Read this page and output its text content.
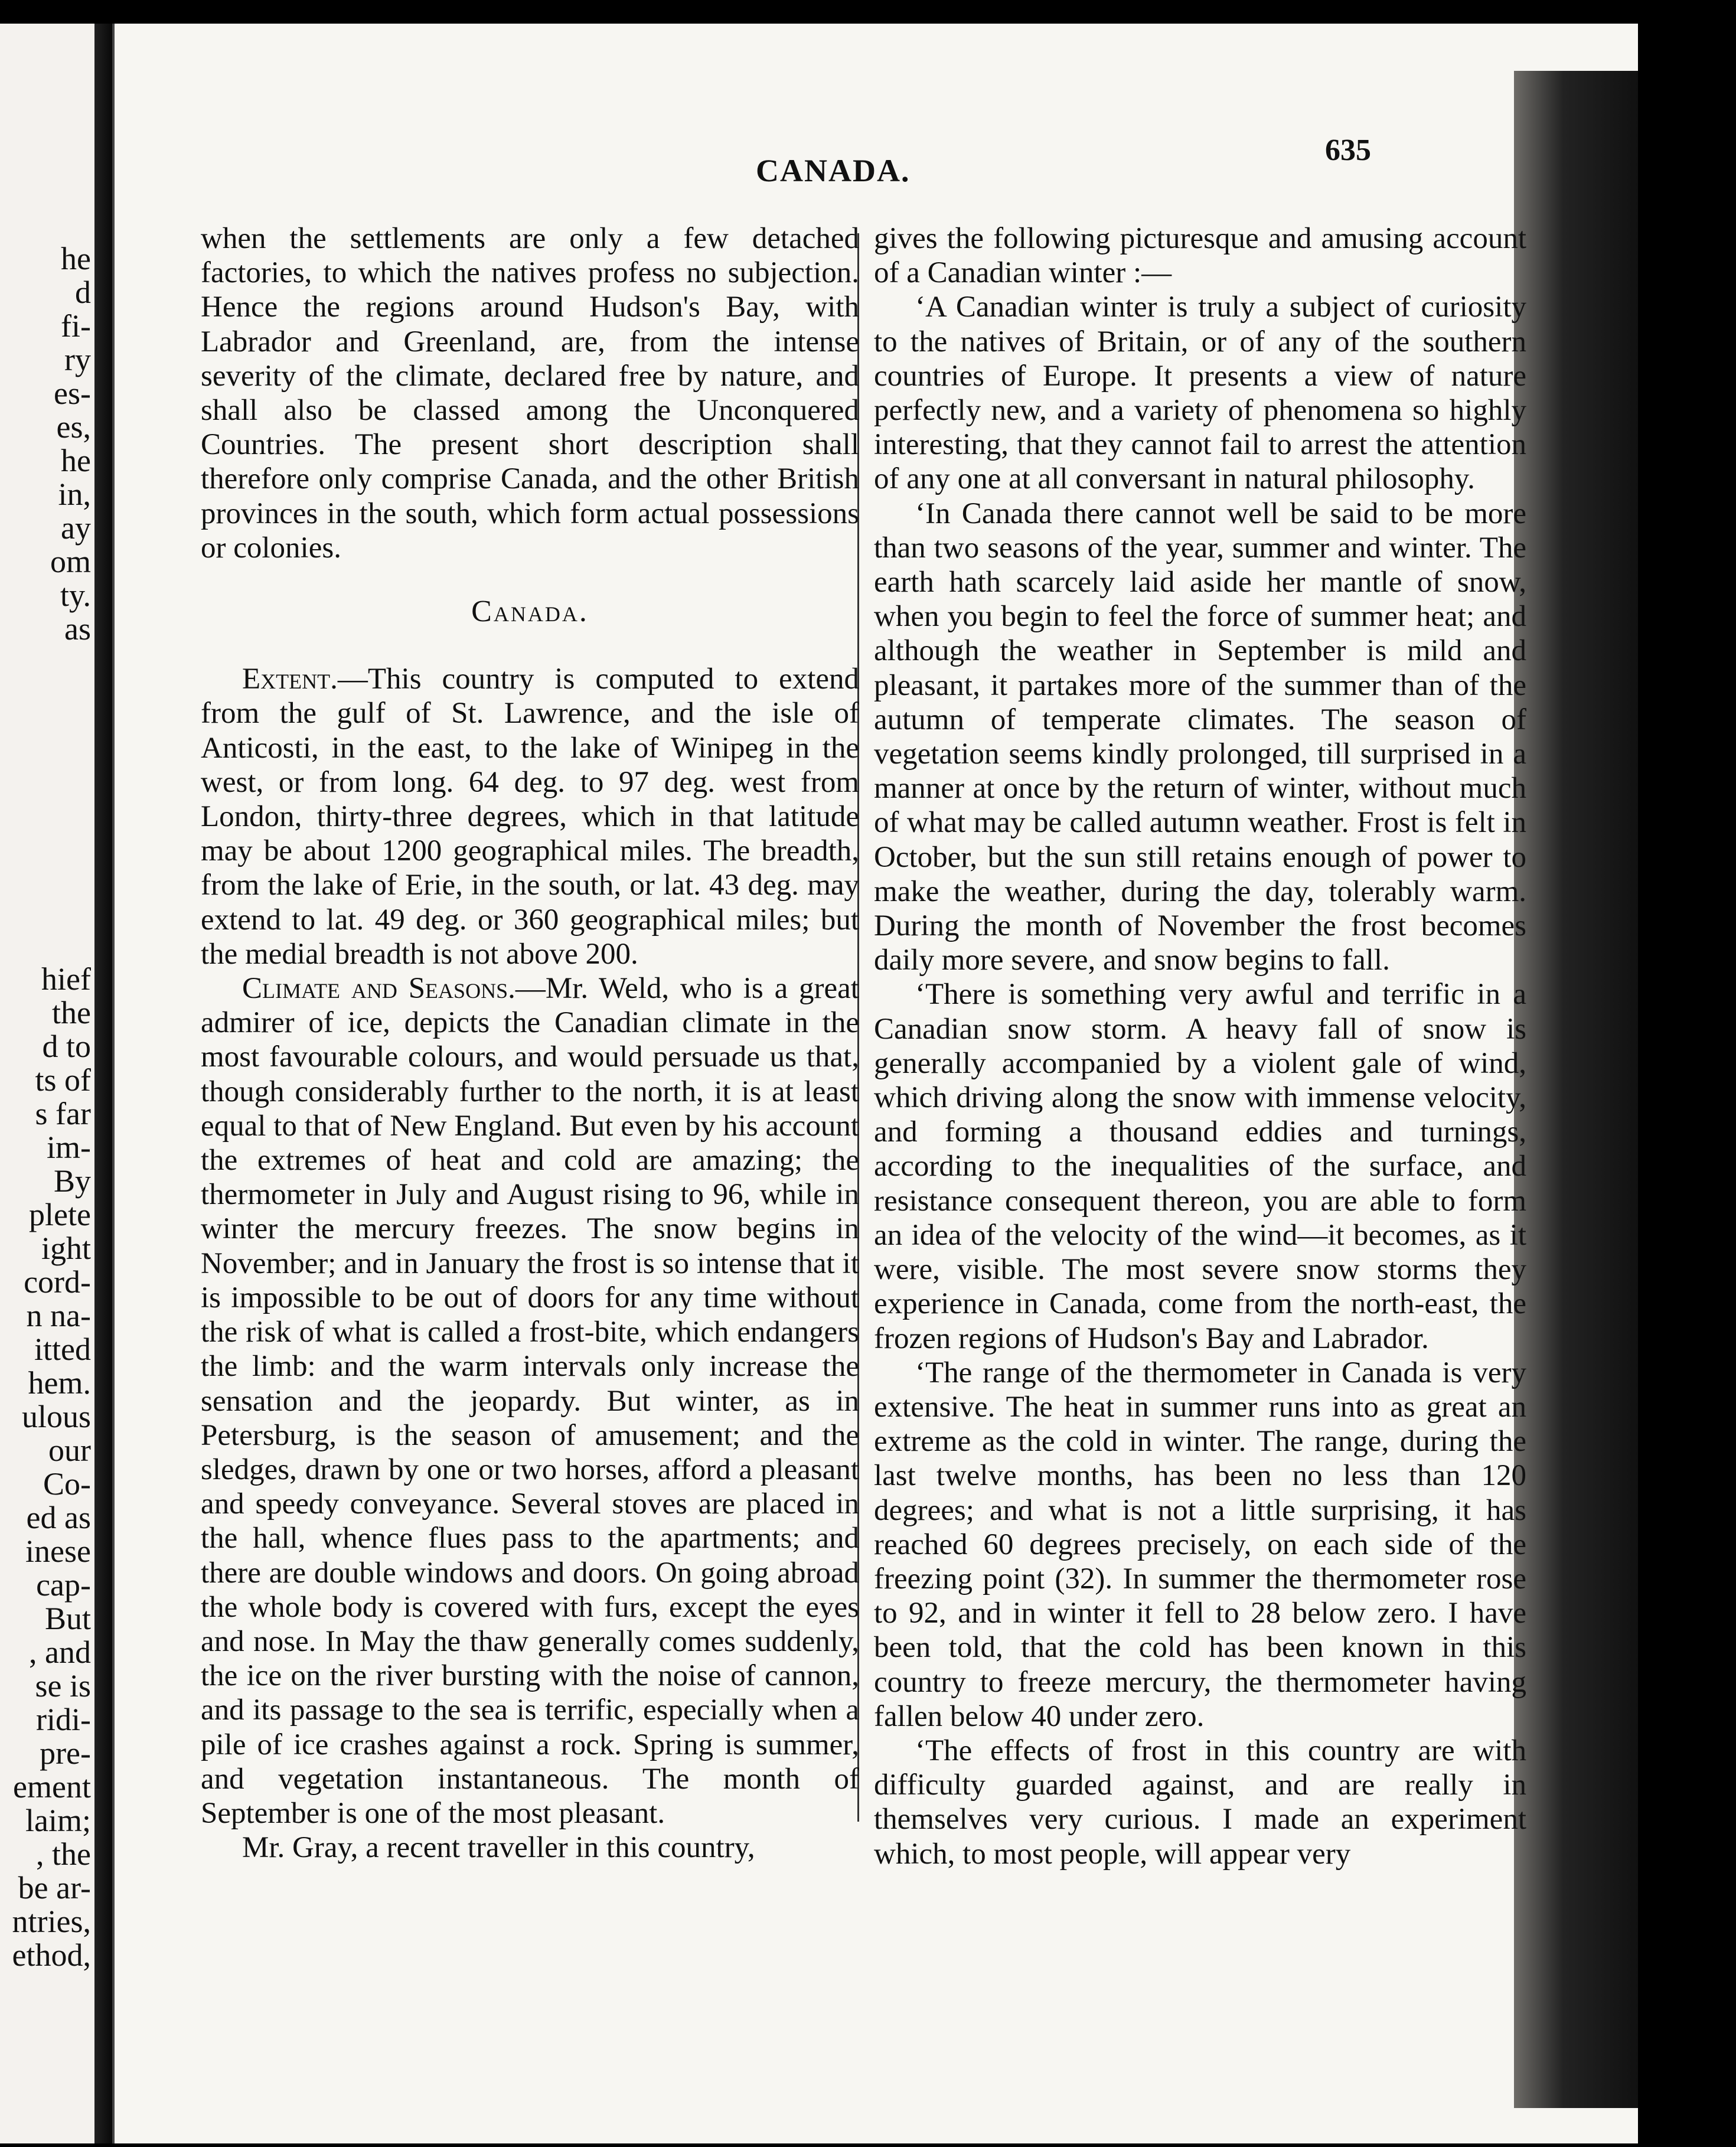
he
d
fi-
ry
es-
es,
he
in,
ay
om
ty.
as
hief
the
d to
ts of
s far
im-
By
plete
ight
cord-
n na-
itted
hem.
ulous
our
Co-
ed as
inese
cap-
But
, and
se is
ridi-
pre-
ement
laim;
, the
be ar-
ntries,
ethod,
CANADA.
635

when the settlements are only a few detached factories, to which the natives profess no subjection. Hence the regions around Hudson's Bay, with Labrador and Greenland, are, from the intense severity of the climate, declared free by nature, and shall also be classed among the Unconquered Countries. The present short description shall therefore only comprise Canada, and the other British provinces in the south, which form actual possessions or colonies.

Canada.

Extent.—This country is computed to extend from the gulf of St. Lawrence, and the isle of Anticosti, in the east, to the lake of Winipeg in the west, or from long. 64 deg. to 97 deg. west from London, thirty-three degrees, which in that latitude may be about 1200 geographical miles. The breadth, from the lake of Erie, in the south, or lat. 43 deg. may extend to lat. 49 deg. or 360 geographical miles; but the medial breadth is not above 200.

Climate and Seasons.—Mr. Weld, who is a great admirer of ice, depicts the Canadian climate in the most favourable colours, and would persuade us that, though considerably further to the north, it is at least equal to that of New England. But even by his account the extremes of heat and cold are amazing; the thermometer in July and August rising to 96, while in winter the mercury freezes. The snow begins in November; and in January the frost is so intense that it is impossible to be out of doors for any time without the risk of what is called a frost-bite, which endangers the limb: and the warm intervals only increase the sensation and the jeopardy. But winter, as in Petersburg, is the season of amusement; and the sledges, drawn by one or two horses, afford a pleasant and speedy conveyance. Several stoves are placed in the hall, whence flues pass to the apartments; and there are double windows and doors. On going abroad the whole body is covered with furs, except the eyes and nose. In May the thaw generally comes suddenly, the ice on the river bursting with the noise of cannon, and its passage to the sea is terrific, especially when a pile of ice crashes against a rock. Spring is summer, and vegetation instantaneous. The month of September is one of the most pleasant.

Mr. Gray, a recent traveller in this country,

gives the following picturesque and amusing account of a Canadian winter :—

‘A Canadian winter is truly a subject of curiosity to the natives of Britain, or of any of the southern countries of Europe. It presents a view of nature perfectly new, and a variety of phenomena so highly interesting, that they cannot fail to arrest the attention of any one at all conversant in natural philosophy.

‘In Canada there cannot well be said to be more than two seasons of the year, summer and winter. The earth hath scarcely laid aside her mantle of snow, when you begin to feel the force of summer heat; and although the weather in September is mild and pleasant, it partakes more of the summer than of the autumn of temperate climates. The season of vegetation seems kindly prolonged, till surprised in a manner at once by the return of winter, without much of what may be called autumn weather. Frost is felt in October, but the sun still retains enough of power to make the weather, during the day, tolerably warm. During the month of November the frost becomes daily more severe, and snow begins to fall.

‘There is something very awful and terrific in a Canadian snow storm. A heavy fall of snow is generally accompanied by a violent gale of wind, which driving along the snow with immense velocity, and forming a thousand eddies and turnings, according to the inequalities of the surface, and resistance consequent thereon, you are able to form an idea of the velocity of the wind—it becomes, as it were, visible. The most severe snow storms they experience in Canada, come from the north-east, the frozen regions of Hudson's Bay and Labrador.

‘The range of the thermometer in Canada is very extensive. The heat in summer runs into as great an extreme as the cold in winter. The range, during the last twelve months, has been no less than 120 degrees; and what is not a little surprising, it has reached 60 degrees precisely, on each side of the freezing point (32). In summer the thermometer rose to 92, and in winter it fell to 28 below zero. I have been told, that the cold has been known in this country to freeze mercury, the thermometer having fallen below 40 under zero.

‘The effects of frost in this country are with difficulty guarded against, and are really in themselves very curious. I made an experiment which, to most people, will appear very
